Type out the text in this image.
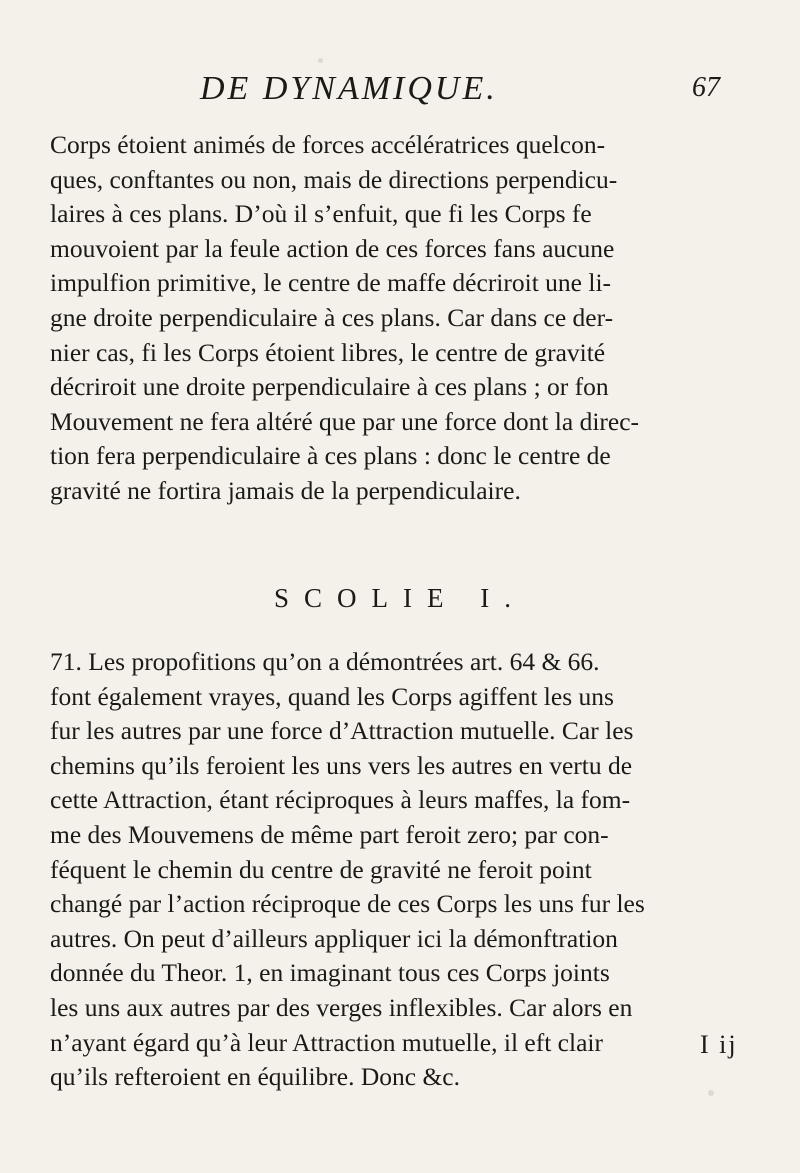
DE DYNAMIQUE.	67

Corps étoient animés de forces accélératrices quelcon-
ques, conftantes ou non, mais de directions perpendicu-
laires à ces plans. D’où il s’enfuit, que fi les Corps fe
mouvoient par la feule action de ces forces fans aucune
impulfion primitive, le centre de maffe décriroit une li-
gne droite perpendiculaire à ces plans. Car dans ce der-
nier cas, fi les Corps étoient libres, le centre de gravité
décriroit une droite perpendiculaire à ces plans ; or fon
Mouvement ne fera altéré que par une force dont la direc-
tion fera perpendiculaire à ces plans : donc le centre de
gravité ne fortira jamais de la perpendiculaire.

SCOLIE I.

71. Les propofitions qu’on a démontrées art. 64 & 66.
font également vrayes, quand les Corps agiffent les uns
fur les autres par une force d’Attraction mutuelle. Car les
chemins qu’ils feroient les uns vers les autres en vertu de
cette Attraction, étant réciproques à leurs maffes, la fom-
me des Mouvemens de même part feroit zero; par con-
féquent le chemin du centre de gravité ne feroit point
changé par l’action réciproque de ces Corps les uns fur les
autres. On peut d’ailleurs appliquer ici la démonftration
donnée du Theor. 1, en imaginant tous ces Corps joints
les uns aux autres par des verges inflexibles. Car alors en
n’ayant égard qu’à leur Attraction mutuelle, il eft clair
qu’ils refteroient en équilibre. Donc &c.

I ij
